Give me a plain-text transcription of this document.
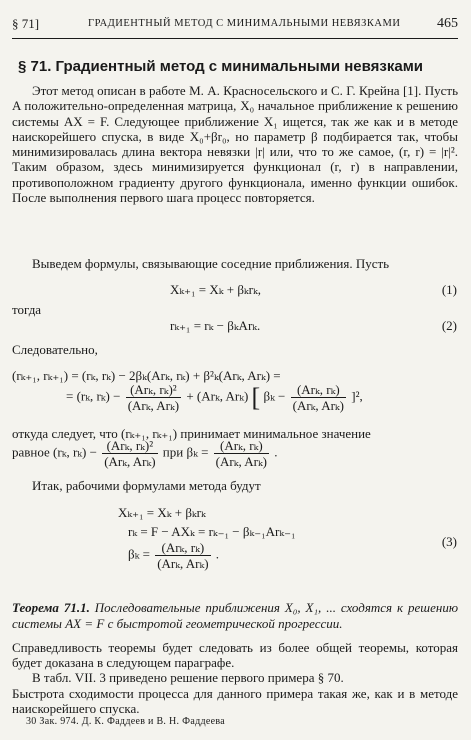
§ 71]	ГРАДИЕНТНЫЙ МЕТОД С МИНИМАЛЬНЫМИ НЕВЯЗКАМИ	465
§ 71. Градиентный метод с минимальными невязками
Этот метод описан в работе М. А. Красносельского и С. Г. Крейна [1]. Пусть A положительно-определенная матрица, X₀ начальное приближение к решению системы AX = F. Следующее приближение X₁ ищется, так же как и в методе наискорейшего спуска, в виде X₀+βr₀, но параметр β подбирается так, чтобы минимизировалась длина вектора невязки |r| или, что то же самое, (r, r) = |r|². Таким образом, здесь минимизируется функционал (r, r) в направлении, противоположном градиенту другого функционала, именно функции ошибок. После выполнения первого шага процесс повторяется.
Выведем формулы, связывающие соседние приближения. Пусть
Xₖ₊₁ = Xₖ + βₖrₖ,	(1)
тогда
rₖ₊₁ = rₖ − βₖArₖ.	(2)
Следовательно,
(rₖ₊₁, rₖ₊₁) = (rₖ, rₖ) − 2βₖ(Arₖ, rₖ) + β²ₖ(Arₖ, Arₖ) =
= (rₖ, $r_k) - \frac{\text{(Arₖ, rₖ)²}}{\text{(Arₖ, Arₖ)}} + (Ar_k$, Arₖ) [ $\beta_k - \frac{\text{(Arₖ, rₖ)}}{\text{(Arₖ, Arₖ)}} ]^2$,
откуда следует, что (rₖ₊₁, rₖ₊₁) принимает минимальное значение
равное (rₖ, $r_k) - \frac{\text{(Arₖ, rₖ)²}}{\text{(Arₖ, Arₖ)}}$ при $\beta_k = \frac{\text{(Arₖ, rₖ)}}{\text{(Arₖ, Arₖ)}}$ .
Итак, рабочими формулами метода будут
Xₖ₊₁ = Xₖ + βₖrₖ
rₖ = F − AXₖ = rₖ₋₁ − βₖ₋₁Arₖ₋₁
$\beta_k = \frac{\text{(Arₖ, rₖ)}}{\text{(Arₖ, Arₖ)}}$ .
(3)
Теорема 71.1. Последовательные приближения X₀, X₁, ... сходятся к решению системы AX = F с быстротой геометрической прогрессии.
Справедливость теоремы будет следовать из более общей теоремы, которая будет доказана в следующем параграфе.
В табл. VII. 3 приведено решение первого примера § 70.
Быстрота сходимости процесса для данного примера такая же, как и в методе наискорейшего спуска.
30 Зак. 974. Д. К. Фаддеев и В. Н. Фаддеева
